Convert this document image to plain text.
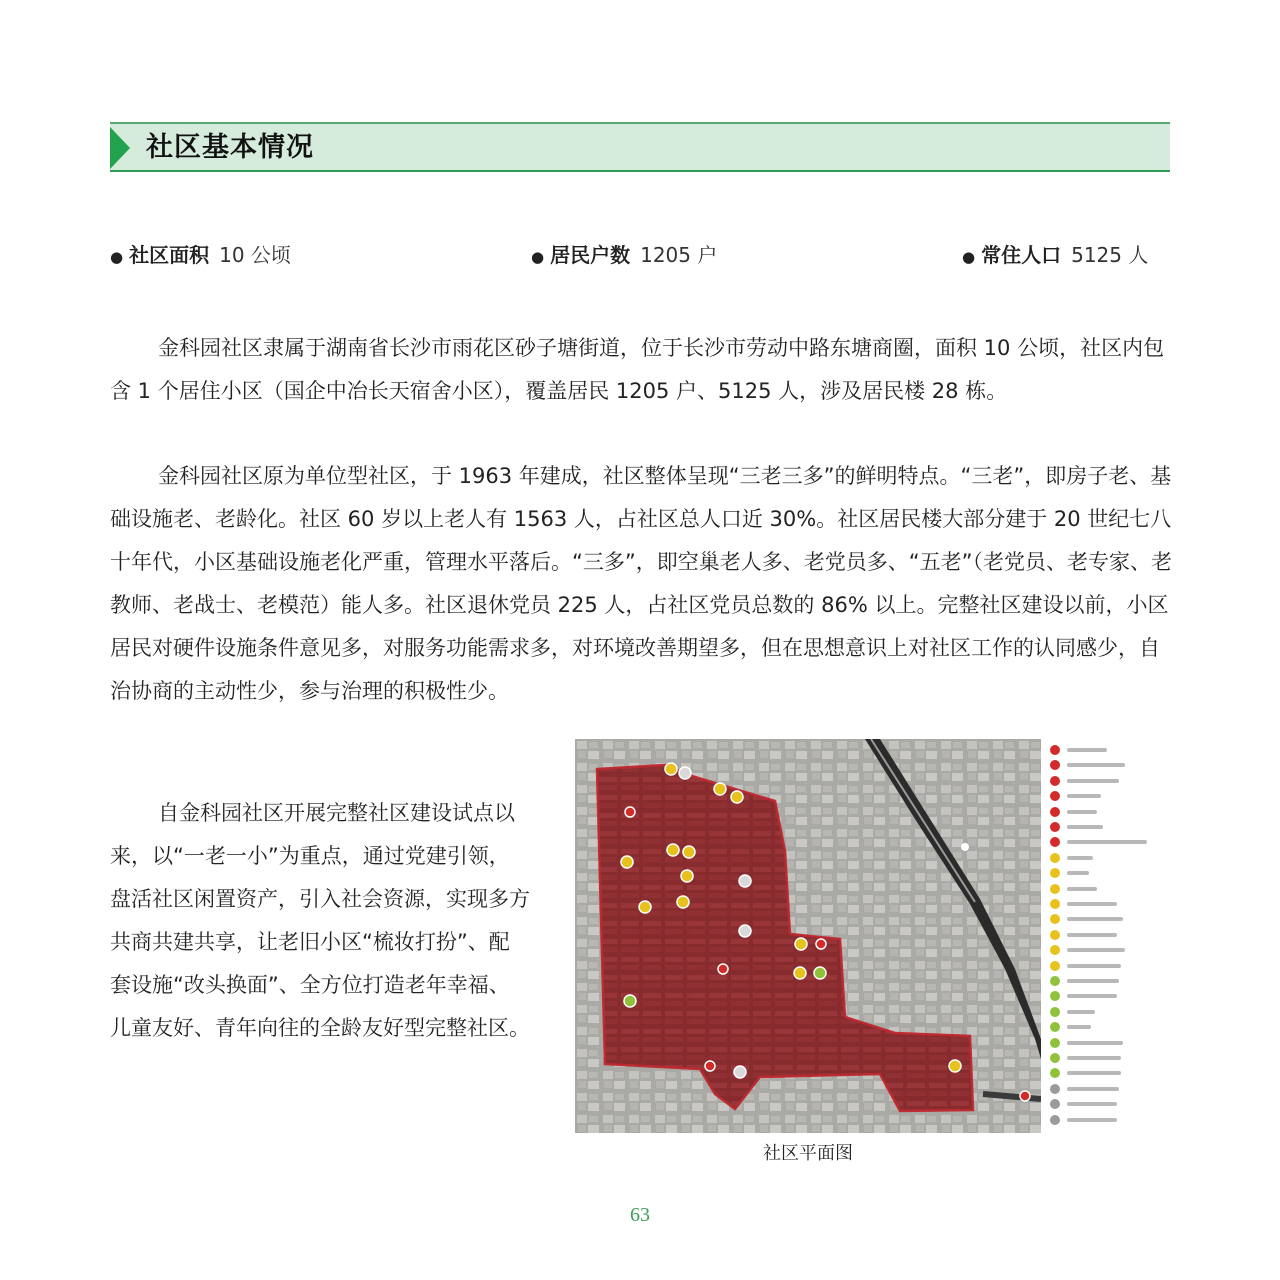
社区基本情况
● 社区面积 10 公顷	● 居民户数 1205 户	● 常住人口 5125 人

金科园社区隶属于湖南省长沙市雨花区砂子塘街道，位于长沙市劳动中路东塘商圈，面积 10 公顷，社区内包含 1 个居住小区（国企中冶长天宿舍小区），覆盖居民 1205 户、5125 人，涉及居民楼 28 栋。

金科园社区原为单位型社区，于 1963 年建成，社区整体呈现“三老三多”的鲜明特点。“三老”，即房子老、基础设施老、老龄化。社区 60 岁以上老人有 1563 人，占社区总人口近 30%。社区居民楼大部分建于 20 世纪七八十年代，小区基础设施老化严重，管理水平落后。“三多”，即空巢老人多、老党员多、“五老”（老党员、老专家、老教师、老战士、老模范）能人多。社区退休党员 225 人，占社区党员总数的 86% 以上。完整社区建设以前，小区居民对硬件设施条件意见多，对服务功能需求多，对环境改善期望多，但在思想意识上对社区工作的认同感少，自治协商的主动性少，参与治理的积极性少。

自金科园社区开展完整社区建设试点以来，以“一老一小”为重点，通过党建引领，盘活社区闲置资产，引入社会资源，实现多方共商共建共享，让老旧小区“梳妆打扮”、配套设施“改头换面”、全方位打造老年幸福、儿童友好、青年向往的全龄友好型完整社区。

社区平面图
63
